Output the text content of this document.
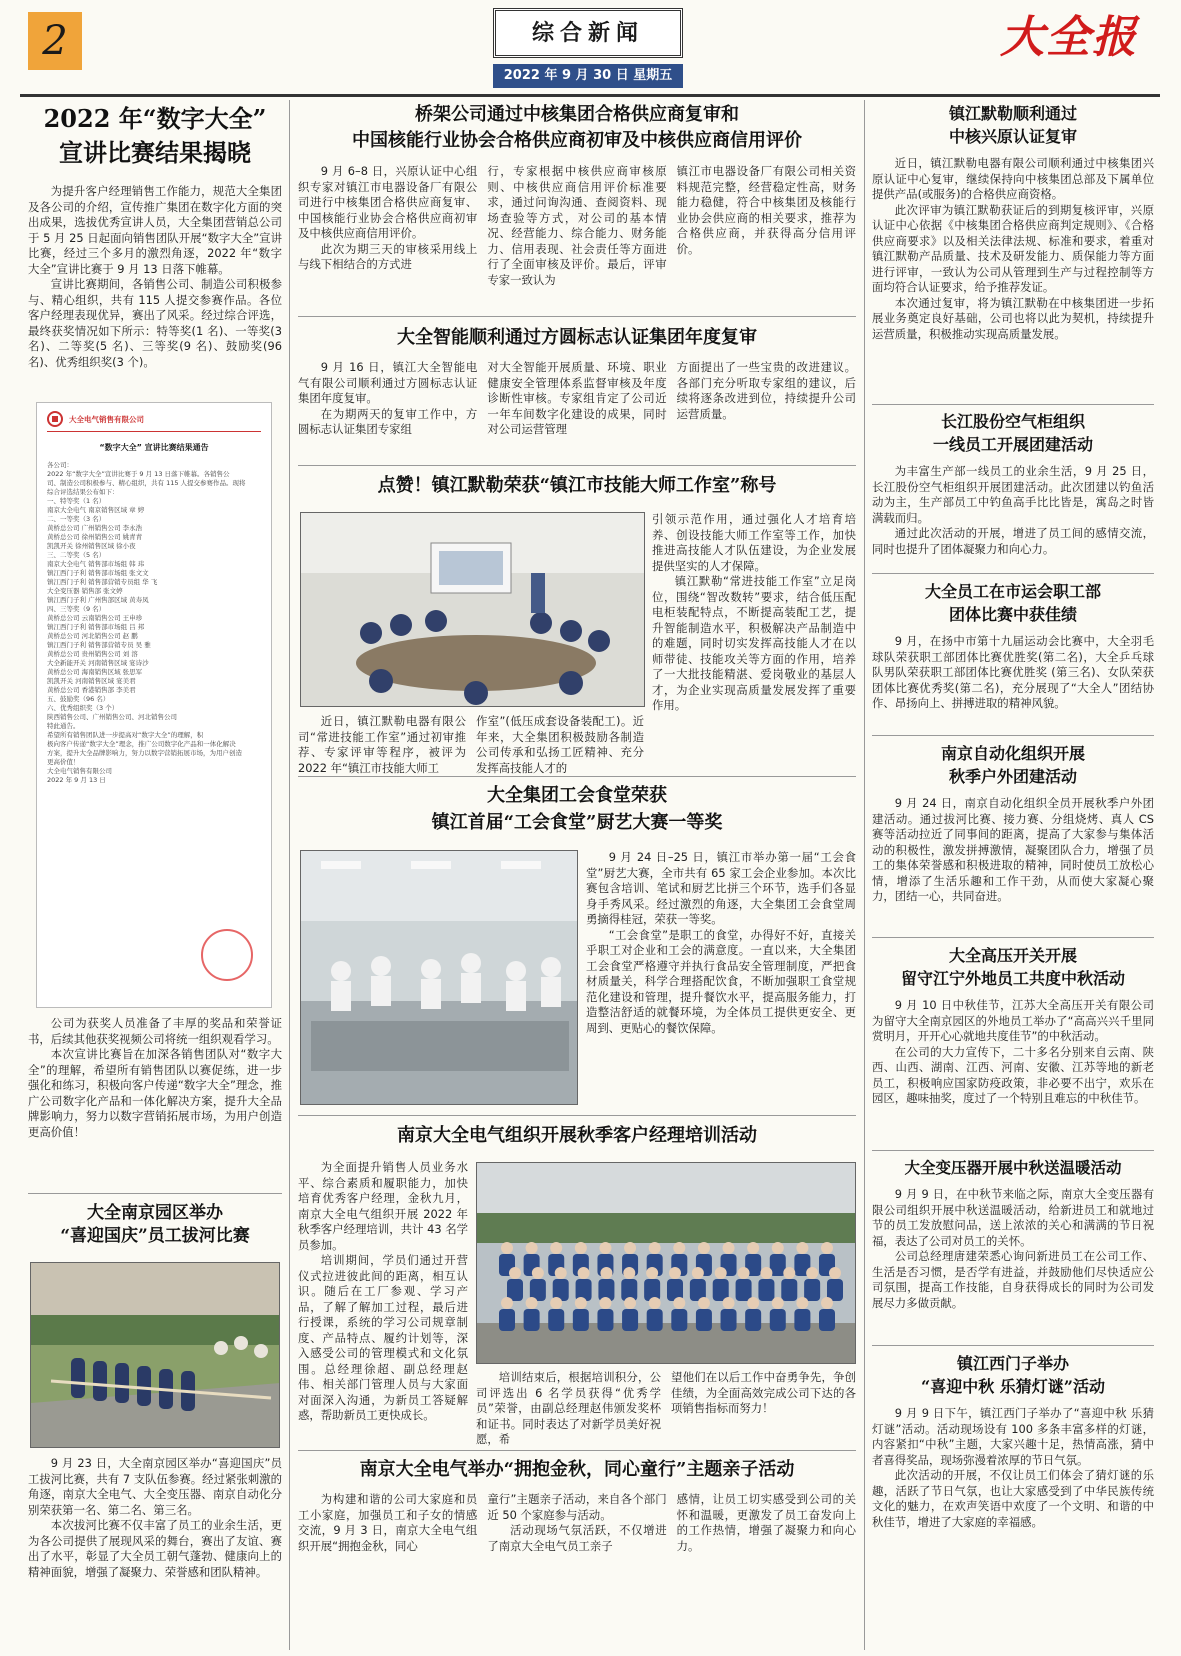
2	综合新闻
2022 年 9 月 30 日 星期五
大全报
2022 年“数字大全”
宣讲比赛结果揭晓

为提升客户经理销售工作能力，规范大全集团及各公司的介绍，宣传推广集团在数字化方面的突出成果，选拔优秀宣讲人员，大全集团营销总公司于 5 月 25 日起面向销售团队开展“数字大全”宣讲比赛，经过三个多月的激烈角逐，2022 年“数字大全”宣讲比赛于 9 月 13 日落下帷幕。

宣讲比赛期间，各销售公司、制造公司积极参与、精心组织，共有 115 人提交参赛作品。各位客户经理表现优异，赛出了风采。经过综合评选，最终获奖情况如下所示：特等奖(1 名)、一等奖(3 名)、二等奖(5 名)、三等奖(9 名)、鼓励奖(96 名)、优秀组织奖(3 个)。

大全电气销售有限公司
“数字大全” 宣讲比赛结果通告
各公司：
2022 年“数字大全”宣讲比赛于 9 月 13 日落下帷幕。各销售公
司、制造公司积极参与、精心组织，共有 115 人提交参赛作品。现将
综合评选结果公布如下：
一、特等奖（1 名）
南京大全电气 南京销售区域 章 婷
二、一等奖（3 名）
黄桥总公司 广州销售公司 李永浩
黄桥总公司 徐州销售公司 姚青青
凯凯开关 徐州销售区域 徐小夜
三、二等奖（5 名）
南京大全电气 销售部市场组 韩 玮
镇江西门子利 销售部市场组 张文文
镇江西门子利 销售部营销专员组 华 飞
大全变压器 销售部 张文婷
镇江西门子利 广州售部区域 黄寿凤
四、三等奖（9 名）
黄桥总公司 云南销售公司 王申珍
镇江西门子利 销售部市场组 吕 邦
黄桥总公司 河北销售公司 赵 鹏
镇江西门子利 销售部营销专员 吴 雅
黄桥总公司 贵州销售公司 刘 溶
大全新能开关 河南销售区域 宴诗沙
黄桥总公司 海南销售区域 张思军
凯凯开关 河南销售区域 宴美君
黄桥总公司 香港销售部 李美君
五、鼓励奖（96 名）
六、优秀组织奖（3 个）
陕西销售公司、广州销售公司、河北销售公司
特此通告。
希望所有销售团队进一步提高对“数字大全”的理解，积
极向客户传递“数字大全”理念，推广公司数字化产品和一体化解决
方案，提升大全品牌影响力，努力以数字营销拓展市场，为用户创造
更高价值！
大全电气销售有限公司
2022 年 9 月 13 日

公司为获奖人员准备了丰厚的奖品和荣誉证书，后续其他获奖视频公司将统一组织观看学习。

本次宣讲比赛旨在加深各销售团队对“数字大全”的理解，希望所有销售团队以赛促练，进一步强化和练习，积极向客户传递“数字大全”理念，推广公司数字化产品和一体化解决方案，提升大全品牌影响力，努力以数字营销拓展市场，为用户创造更高价值！

大全南京园区举办
“喜迎国庆”员工拔河比赛

9 月 23 日，大全南京园区举办“喜迎国庆”员工拔河比赛，共有 7 支队伍参赛。经过紧张刺激的角逐，南京大全电气、大全变压器、南京自动化分别荣获第一名、第二名、第三名。

本次拔河比赛不仅丰富了员工的业余生活，更为各公司提供了展现风采的舞台，赛出了友谊、赛出了水平，彰显了大全员工朝气蓬勃、健康向上的精神面貌，增强了凝聚力、荣誉感和团队精神。

桥架公司通过中核集团合格供应商复审和
中国核能行业协会合格供应商初审及中核供应商信用评价

9 月 6–8 日，兴原认证中心组织专家对镇江市电器设备厂有限公司进行中核集团合格供应商复审、中国核能行业协会合格供应商初审及中核供应商信用评价。

此次为期三天的审核采用线上与线下相结合的方式进

行，专家根据中核供应商审核原则、中核供应商信用评价标准要求，通过问询沟通、查阅资料、现场查验等方式，对公司的基本情况、经营能力、综合能力、财务能力、信用表现、社会责任等方面进行了全面审核及评价。最后，评审专家一致认为

镇江市电器设备厂有限公司相关资料规范完整，经营稳定性高，财务能力稳健，符合中核集团及核能行业协会供应商的相关要求，推荐为合格供应商，并获得高分信用评价。

大全智能顺利通过方圆标志认证集团年度复审

9 月 16 日，镇江大全智能电气有限公司顺利通过方圆标志认证集团年度复审。

在为期两天的复审工作中，方圆标志认证集团专家组

对大全智能开展质量、环境、职业健康安全管理体系监督审核及年度诊断性审核。专家组肯定了公司近一年车间数字化建设的成果，同时对公司运营管理

方面提出了一些宝贵的改进建议。各部门充分听取专家组的建议，后续将逐条改进到位，持续提升公司运营质量。

点赞！镇江默勒荣获“镇江市技能大师工作室”称号

引领示范作用，通过强化人才培育培养、创设技能大师工作室等工作，加快推进高技能人才队伍建设，为企业发展提供坚实的人才保障。

镇江默勒“常进技能工作室”立足岗位，围绕“智改数转”要求，结合低压配电柜装配特点，不断提高装配工艺，提升智能制造水平，积极解决产品制造中的难题，同时切实发挥高技能人才在以师带徒、技能攻关等方面的作用，培养了一大批技能精湛、爱岗敬业的基层人才，为企业实现高质量发展发挥了重要作用。

近日，镇江默勒电器有限公司“常进技能工作室”通过初审推荐、专家评审等程序，被评为 2022 年“镇江市技能大师工

作室”(低压成套设备装配工)。近年来，大全集团积极鼓励各制造公司传承和弘扬工匠精神、充分发挥高技能人才的

大全集团工会食堂荣获
镇江首届“工会食堂”厨艺大赛一等奖

9 月 24 日–25 日，镇江市举办第一届“工会食堂”厨艺大赛，全市共有 65 家工会企业参加。本次比赛包含培训、笔试和厨艺比拼三个环节，选手们各显身手秀风采。经过激烈的角逐，大全集团工会食堂周勇摘得桂冠，荣获一等奖。

“工会食堂”是职工的食堂，办得好不好，直接关乎职工对企业和工会的满意度。一直以来，大全集团工会食堂严格遵守并执行食品安全管理制度，严把食材质量关，科学合理搭配饮食，不断加强职工食堂规范化建设和管理，提升餐饮水平，提高服务能力，打造整洁舒适的就餐环境，为全体员工提供更安全、更周到、更贴心的餐饮保障。

南京大全电气组织开展秋季客户经理培训活动

为全面提升销售人员业务水平、综合素质和履职能力，加快培育优秀客户经理，金秋九月，南京大全电气组织开展 2022 年秋季客户经理培训，共计 43 名学员参加。

培训期间，学员们通过开营仪式拉进彼此间的距离，相互认识。随后在工厂参观、学习产品，了解了解加工过程，最后进行授课，系统的学习公司规章制度、产品特点、履约计划等，深入感受公司的管理模式和文化氛围。总经理徐超、副总经理赵伟、相关部门管理人员与大家面对面深入沟通，为新员工答疑解惑，帮助新员工更快成长。

培训结束后，根据培训积分，公司评选出 6 名学员获得“优秀学员”荣誉，由副总经理赵伟颁发奖杯和证书。同时表达了对新学员美好祝愿，希

望他们在以后工作中奋勇争先，争创佳绩，为全面高效完成公司下达的各项销售指标而努力！

南京大全电气举办“拥抱金秋，同心童行”主题亲子活动

为构建和谐的公司大家庭和员工小家庭，加强员工和子女的情感交流，9 月 3 日，南京大全电气组织开展“拥抱金秋，同心

童行”主题亲子活动，来自各个部门近 50 个家庭参与活动。

活动现场气氛活跃，不仅增进了南京大全电气员工亲子

感情，让员工切实感受到公司的关怀和温暖，更激发了员工奋发向上的工作热情，增强了凝聚力和向心力。

镇江默勒顺利通过
中核兴原认证复审

近日，镇江默勒电器有限公司顺利通过中核集团兴原认证中心复审，继续保持向中核集团总部及下属单位提供产品(或服务)的合格供应商资格。

此次评审为镇江默勒获证后的到期复核评审，兴原认证中心依据《中核集团合格供应商判定规则》、《合格供应商要求》以及相关法律法规、标准和要求，着重对镇江默勒产品质量、技术及研发能力、质保能力等方面进行评审，一致认为公司从管理到生产与过程控制等方面均符合认证要求，给予推荐发证。

本次通过复审，将为镇江默勒在中核集团进一步拓展业务奠定良好基础，公司也将以此为契机，持续提升运营质量，积极推动实现高质量发展。

长江股份空气柜组织
一线员工开展团建活动

为丰富生产部一线员工的业余生活，9 月 25 日，长江股份空气柜组织开展团建活动。此次团建以钓鱼活动为主，生产部员工中钓鱼高手比比皆是，寓岛之时皆满载而归。

通过此次活动的开展，增进了员工间的感情交流，同时也提升了团体凝聚力和向心力。

大全员工在市运会职工部
团体比赛中获佳绩

9 月，在扬中市第十九届运动会比赛中，大全羽毛球队荣获职工部团体比赛优胜奖(第二名)，大全乒乓球队男队荣获职工部团体比赛优胜奖 (第三名)、女队荣获团体比赛优秀奖(第二名)，充分展现了“大全人”团结协作、昂扬向上、拼搏进取的精神风貌。

南京自动化组织开展
秋季户外团建活动

9 月 24 日，南京自动化组织全员开展秋季户外团建活动。通过拔河比赛、接力赛、分组烧烤、真人 CS 赛等活动拉近了同事间的距离，提高了大家参与集体活动的积极性，激发拼搏激情，凝聚团队合力，增强了员工的集体荣誉感和积极进取的精神，同时使员工放松心情，增添了生活乐趣和工作干劲，从而使大家凝心聚力，团结一心，共同奋进。

大全高压开关开展
留守江宁外地员工共度中秋活动

9 月 10 日中秋佳节，江苏大全高压开关有限公司为留守大全南京园区的外地员工举办了“高高兴兴千里同赏明月，开开心心就地共度佳节”的中秋活动。

在公司的大力宣传下，二十多名分别来自云南、陕西、山西、湖南、江西、河南、安徽、江苏等地的新老员工，积极响应国家防疫政策，非必要不出宁，欢乐在园区，趣味抽奖，度过了一个特别且难忘的中秋佳节。

大全变压器开展中秋送温暖活动

9 月 9 日，在中秋节来临之际，南京大全变压器有限公司组织开展中秋送温暖活动，给新进员工和就地过节的员工发放慰问品，送上浓浓的关心和满满的节日祝福，表达了公司对员工的关怀。

公司总经理唐建荣悉心询问新进员工在公司工作、生活是否习惯，是否学有进益，并鼓励他们尽快适应公司氛围，提高工作技能，自身获得成长的同时为公司发展尽力多做贡献。

镇江西门子举办
“喜迎中秋 乐猜灯谜”活动

9 月 9 日下午，镇江西门子举办了“喜迎中秋 乐猜灯谜”活动。活动现场设有 100 多条丰富多样的灯谜，内容紧扣“中秋”主题，大家兴趣十足，热情高涨，猜中者喜得奖品，现场弥漫着浓厚的节日气氛。

此次活动的开展，不仅让员工们体会了猜灯谜的乐趣，活跃了节日气氛，也让大家感受到了中华民族传统文化的魅力，在欢声笑语中欢度了一个文明、和谐的中秋佳节，增进了大家庭的幸福感。
